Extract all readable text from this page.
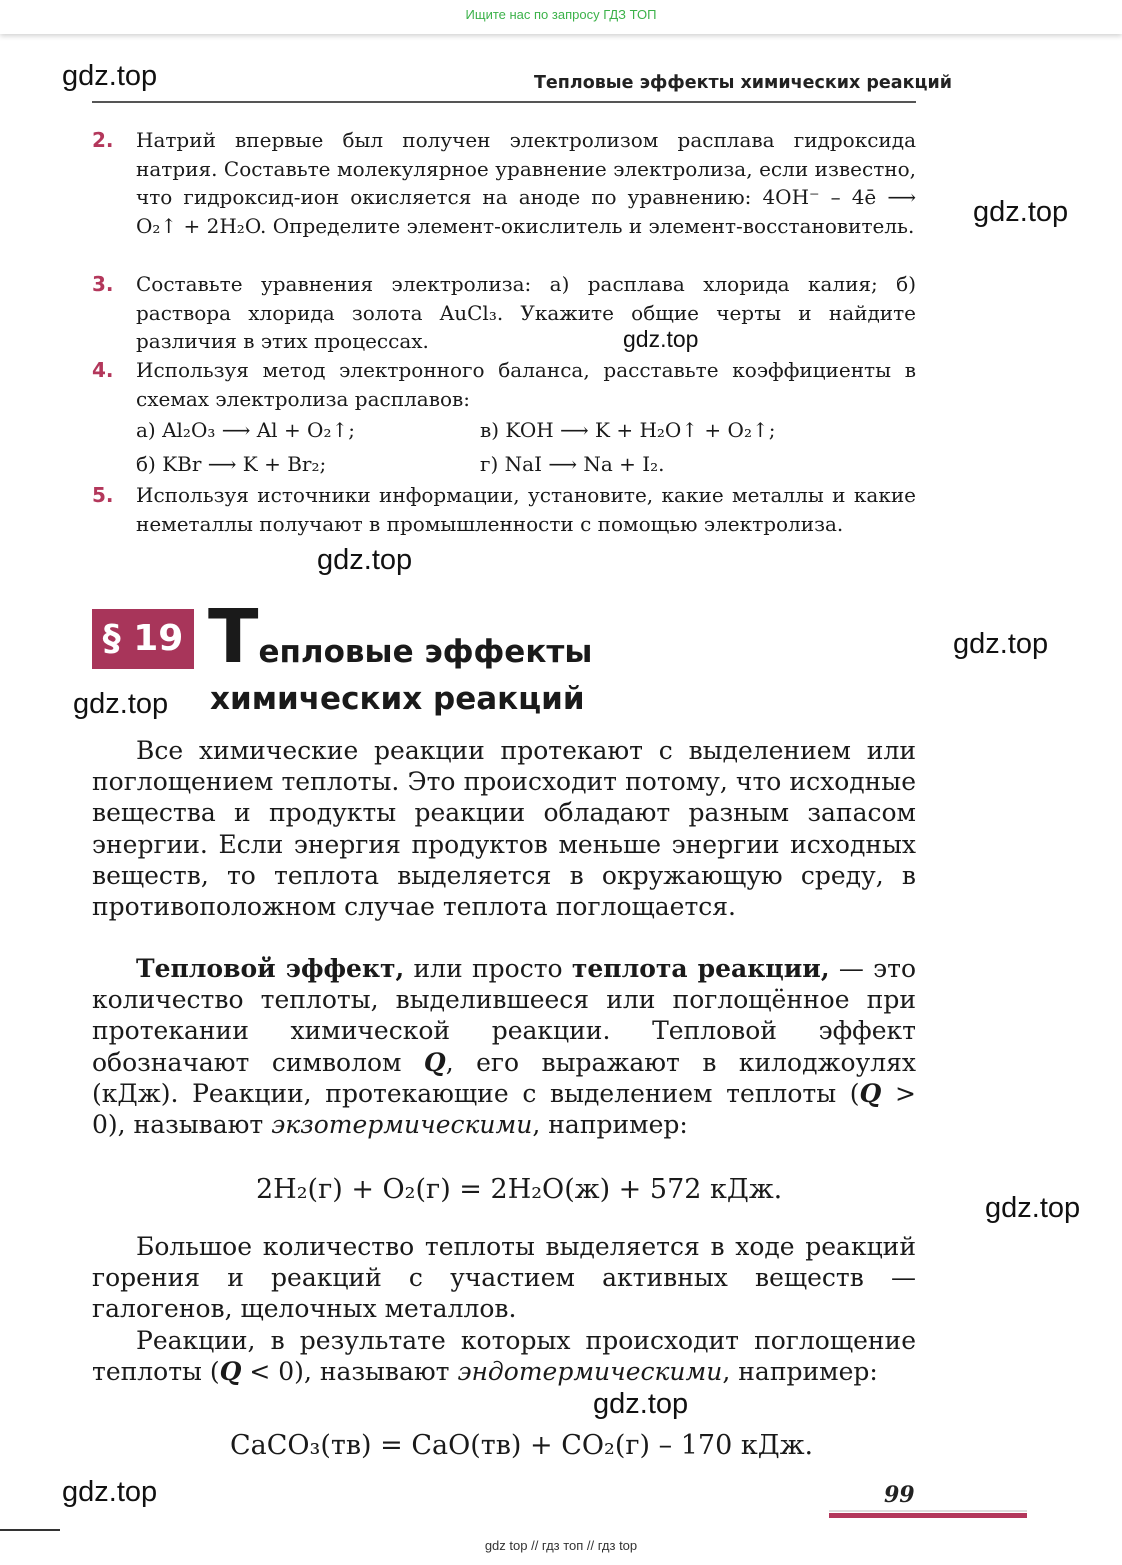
Ищите нас по запросу ГДЗ ТОП
gdz.top
gdz.top
gdz.top
gdz.top
gdz.top
gdz.top
gdz.top
gdz.top
gdz.top
Тепловые эффекты химических реакций
2. Натрий впервые был получен электролизом расплава гидроксида натрия. Составьте молекулярное уравнение электролиза, если известно, что гидроксид-ион окисляется на аноде по уравнению: 4OH⁻ – 4ē ⟶ O₂↑ + 2H₂O. Определите элемент-окислитель и элемент-восстановитель.
3. Составьте уравнения электролиза: а) расплава хлорида калия; б) раствора хлорида золота AuCl₃. Укажите общие черты и найдите различия в этих процессах.
4. Используя метод электронного баланса, расставьте коэффициенты в схемах электролиза расплавов:
а) Al₂O₃ ⟶ Al + O₂↑;	в) KOH ⟶ K + H₂O↑ + O₂↑;
б) KBr ⟶ K + Br₂;	г) NaI ⟶ Na + I₂.
5. Используя источники информации, установите, какие металлы и какие неметаллы получают в промышленности с помощью электролиза.
§ 19 Тепловые эффекты
химических реакций
Все химические реакции протекают с выделением или поглощением теплоты. Это происходит потому, что исходные вещества и продукты реакции обладают разным запасом энергии. Если энергия продуктов меньше энергии исходных веществ, то теплота выделяется в окружающую среду, в противоположном случае теплота поглощается.
Тепловой эффект, или просто теплота реакции, — это количество теплоты, выделившееся или поглощённое при протекании химической реакции. Тепловой эффект обозначают символом Q, его выражают в килоджоулях (кДж). Реакции, протекающие с выделением теплоты (Q > 0), называют экзотермическими, например:
2H₂(г) + O₂(г) = 2H₂O(ж) + 572 кДж.
Большое количество теплоты выделяется в ходе реакций горения и реакций с участием активных веществ — галогенов, щелочных металлов.
Реакции, в результате которых происходит поглощение теплоты (Q < 0), называют эндотермическими, например:
CaCO₃(тв) = CaO(тв) + CO₂(г) – 170 кДж.
99
gdz top // гдз топ // гдз top
